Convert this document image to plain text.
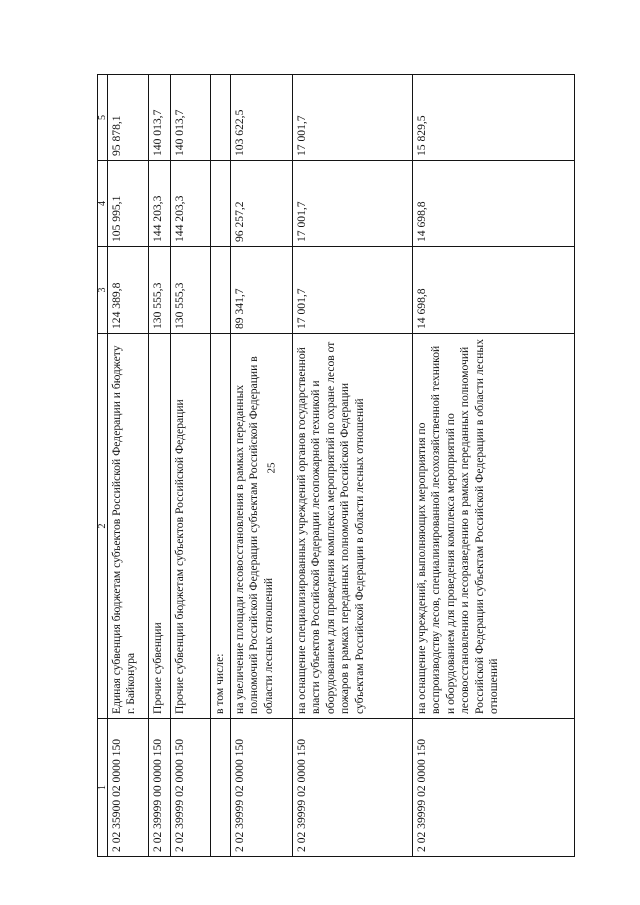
25
1	2	3	4	5
2 02 35900 02 0000 150	Единая субвенция бюджетам субъектов Российской Федерации и бюджету г. Байконура	124 389,8	105 995,1	95 878,1
2 02 39999 00 0000 150	Прочие субвенции	130 555,3	144 203,3	140 013,7
2 02 39999 02 0000 150	Прочие субвенции бюджетам субъектов Российской Федерации	130 555,3	144 203,3	140 013,7
	в том числе:			
2 02 39999 02 0000 150	на увеличение площади лесовосстановления в рамках переданных полномочий Российской Федерации субъектам Российской Федерации в области лесных отношений	89 341,7	96 257,2	103 622,5
2 02 39999 02 0000 150	на оснащение специализированных учреждений органов государственной власти субъектов Российской Федерации лесопожарной техникой и оборудованием для проведения комплекса мероприятий по охране лесов от пожаров в рамках переданных полномочий Российской Федерации субъектам Российской Федерации в области лесных отношений	17 001,7	17 001,7	17 001,7
2 02 39999 02 0000 150	на оснащение учреждений, выполняющих мероприятия по воспроизводству лесов, специализированной лесохозяйственной техникой и оборудованием для проведения комплекса мероприятий по лесовосстановлению и лесоразведению в рамках переданных полномочий Российской Федерации субъектам Российской Федерации в области лесных отношений	14 698,8	14 698,8	15 829,5
